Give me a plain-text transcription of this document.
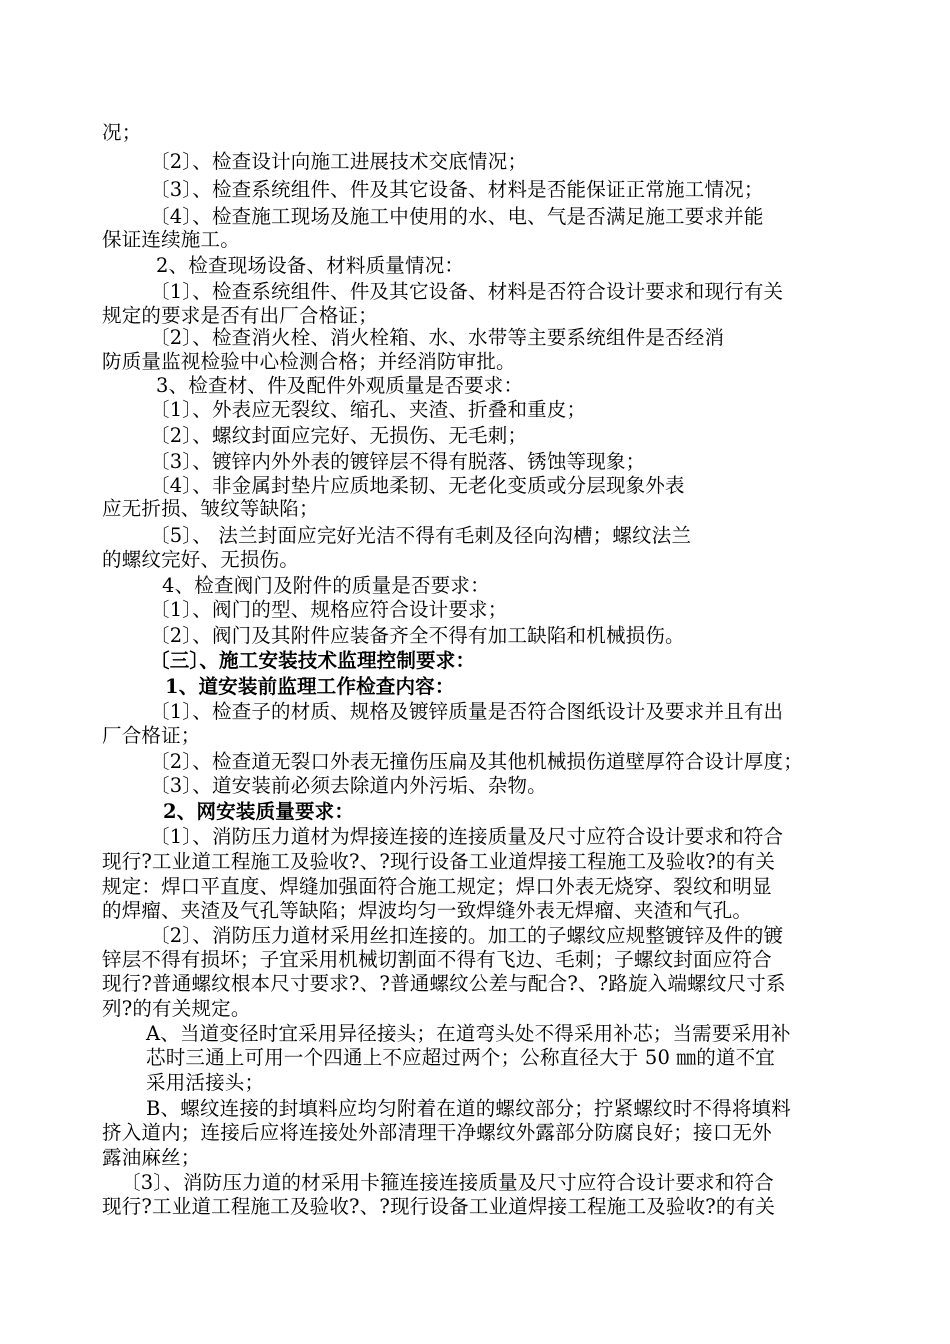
况；
〔2〕、检查设计向施工进展技术交底情况；
〔3〕、检查系统组件、件及其它设备、材料是否能保证正常施工情况；
〔4〕、检查施工现场及施工中使用的水、电、气是否满足施工要求并能
保证连续施工。
2、检查现场设备、材料质量情况：
〔1〕、检查系统组件、件及其它设备、材料是否符合设计要求和现行有关
规定的要求是否有出厂合格证；
〔2〕、检查消火栓、消火栓箱、水、水带等主要系统组件是否经消
防质量监视检验中心检测合格；并经消防审批。
3、检查材、件及配件外观质量是否要求：
〔1〕、外表应无裂纹、缩孔、夹渣、折叠和重皮；
〔2〕、螺纹封面应完好、无损伤、无毛刺；
〔3〕、镀锌内外外表的镀锌层不得有脱落、锈蚀等现象；
〔4〕、非金属封垫片应质地柔韧、无老化变质或分层现象外表
应无折损、皱纹等缺陷；
〔5〕、 法兰封面应完好光洁不得有毛刺及径向沟槽；螺纹法兰
的螺纹完好、无损伤。
4、检查阀门及附件的质量是否要求：
〔1〕、阀门的型、规格应符合设计要求；
〔2〕、阀门及其附件应装备齐全不得有加工缺陷和机械损伤。
〔三〕、施工安装技术监理控制要求：
1、道安装前监理工作检查内容：
〔1〕、检查子的材质、规格及镀锌质量是否符合图纸设计及要求并且有出
厂合格证；
〔2〕、检查道无裂口外表无撞伤压扁及其他机械损伤道壁厚符合设计厚度；
〔3〕、道安装前必须去除道内外污垢、杂物。
2、网安装质量要求：
〔1〕、消防压力道材为焊接连接的连接质量及尺寸应符合设计要求和符合
现行?工业道工程施工及验收?、?现行设备工业道焊接工程施工及验收?的有关
规定：焊口平直度、焊缝加强面符合施工规定；焊口外表无烧穿、裂纹和明显
的焊瘤、夹渣及气孔等缺陷；焊波均匀一致焊缝外表无焊瘤、夹渣和气孔。
〔2〕、消防压力道材采用丝扣连接的。加工的子螺纹应规整镀锌及件的镀
锌层不得有损坏；子宜采用机械切割面不得有飞边、毛刺；子螺纹封面应符合
现行?普通螺纹根本尺寸要求?、?普通螺纹公差与配合?、?路旋入端螺纹尺寸系
列?的有关规定。
A、当道变径时宜采用异径接头；在道弯头处不得采用补芯；当需要采用补
芯时三通上可用一个四通上不应超过两个；公称直径大于 50 ㎜的道不宜
采用活接头；
B、螺纹连接的封填料应均匀附着在道的螺纹部分；拧紧螺纹时不得将填料
挤入道内；连接后应将连接处外部清理干净螺纹外露部分防腐良好；接口无外
露油麻丝；
〔3〕、消防压力道的材采用卡箍连接连接质量及尺寸应符合设计要求和符合
现行?工业道工程施工及验收?、?现行设备工业道焊接工程施工及验收?的有关
